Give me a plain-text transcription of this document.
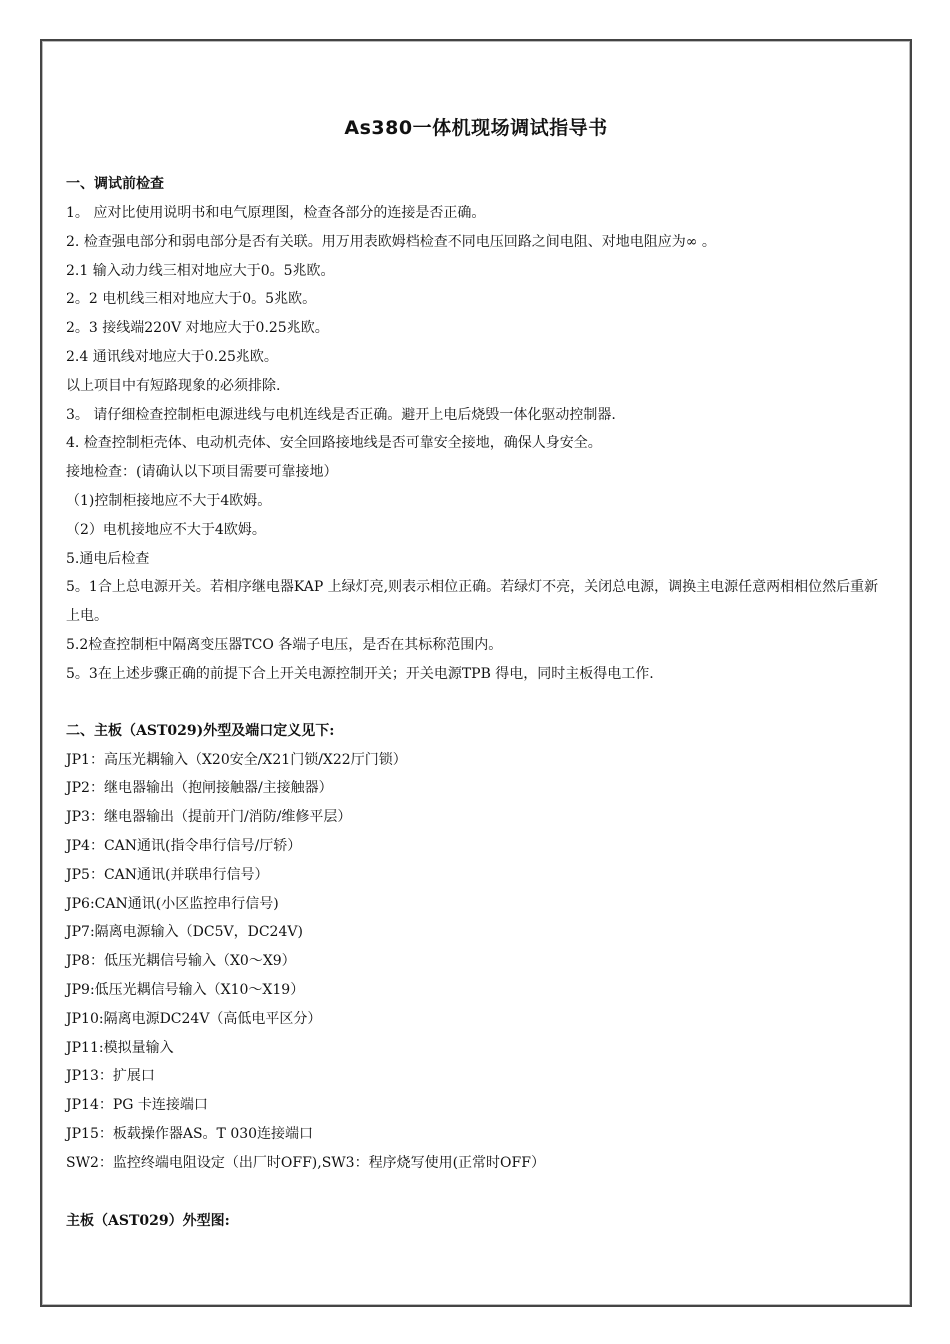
As380一体机现场调试指导书
一、调试前检查
1。 应对比使用说明书和电气原理图，检查各部分的连接是否正确。
2. 检查强电部分和弱电部分是否有关联。用万用表欧姆档检查不同电压回路之间电阻、对地电阻应为∞ 。
2.1 输入动力线三相对地应大于0。5兆欧。
2。2 电机线三相对地应大于0。5兆欧。
2。3 接线端220V 对地应大于0.25兆欧。
2.4 通讯线对地应大于0.25兆欧。
以上项目中有短路现象的必须排除.
3。 请仔细检查控制柜电源进线与电机连线是否正确。避开上电后烧毁一体化驱动控制器.
4. 检查控制柜壳体、电动机壳体、安全回路接地线是否可靠安全接地，确保人身安全。
接地检查：(请确认以下项目需要可靠接地）
（1)控制柜接地应不大于4欧姆。
（2）电机接地应不大于4欧姆。
5.通电后检查
5。1合上总电源开关。若相序继电器KAP 上绿灯亮,则表示相位正确。若绿灯不亮，关闭总电源，调换主电源任意两相相位然后重新上电。
5.2检查控制柜中隔离变压器TCO 各端子电压，是否在其标称范围内。
5。3在上述步骤正确的前提下合上开关电源控制开关；开关电源TPB 得电，同时主板得电工作.
二、主板（AST029)外型及端口定义见下:
JP1：高压光耦输入（X20安全/X21门锁/X22厅门锁）
JP2：继电器输出（抱闸接触器/主接触器）
JP3：继电器输出（提前开门/消防/维修平层）
JP4：CAN通讯(指令串行信号/厅轿）
JP5：CAN通讯(并联串行信号）
JP6:CAN通讯(小区监控串行信号)
JP7:隔离电源输入（DC5V，DC24V)
JP8：低压光耦信号输入（X0～X9）
JP9:低压光耦信号输入（X10～X19）
JP10:隔离电源DC24V（高低电平区分）
JP11:模拟量输入
JP13：扩展口
JP14：PG 卡连接端口
JP15：板载操作器AS。T 030连接端口
SW2：监控终端电阻设定（出厂时OFF),SW3：程序烧写使用(正常时OFF）
主板（AST029）外型图:
